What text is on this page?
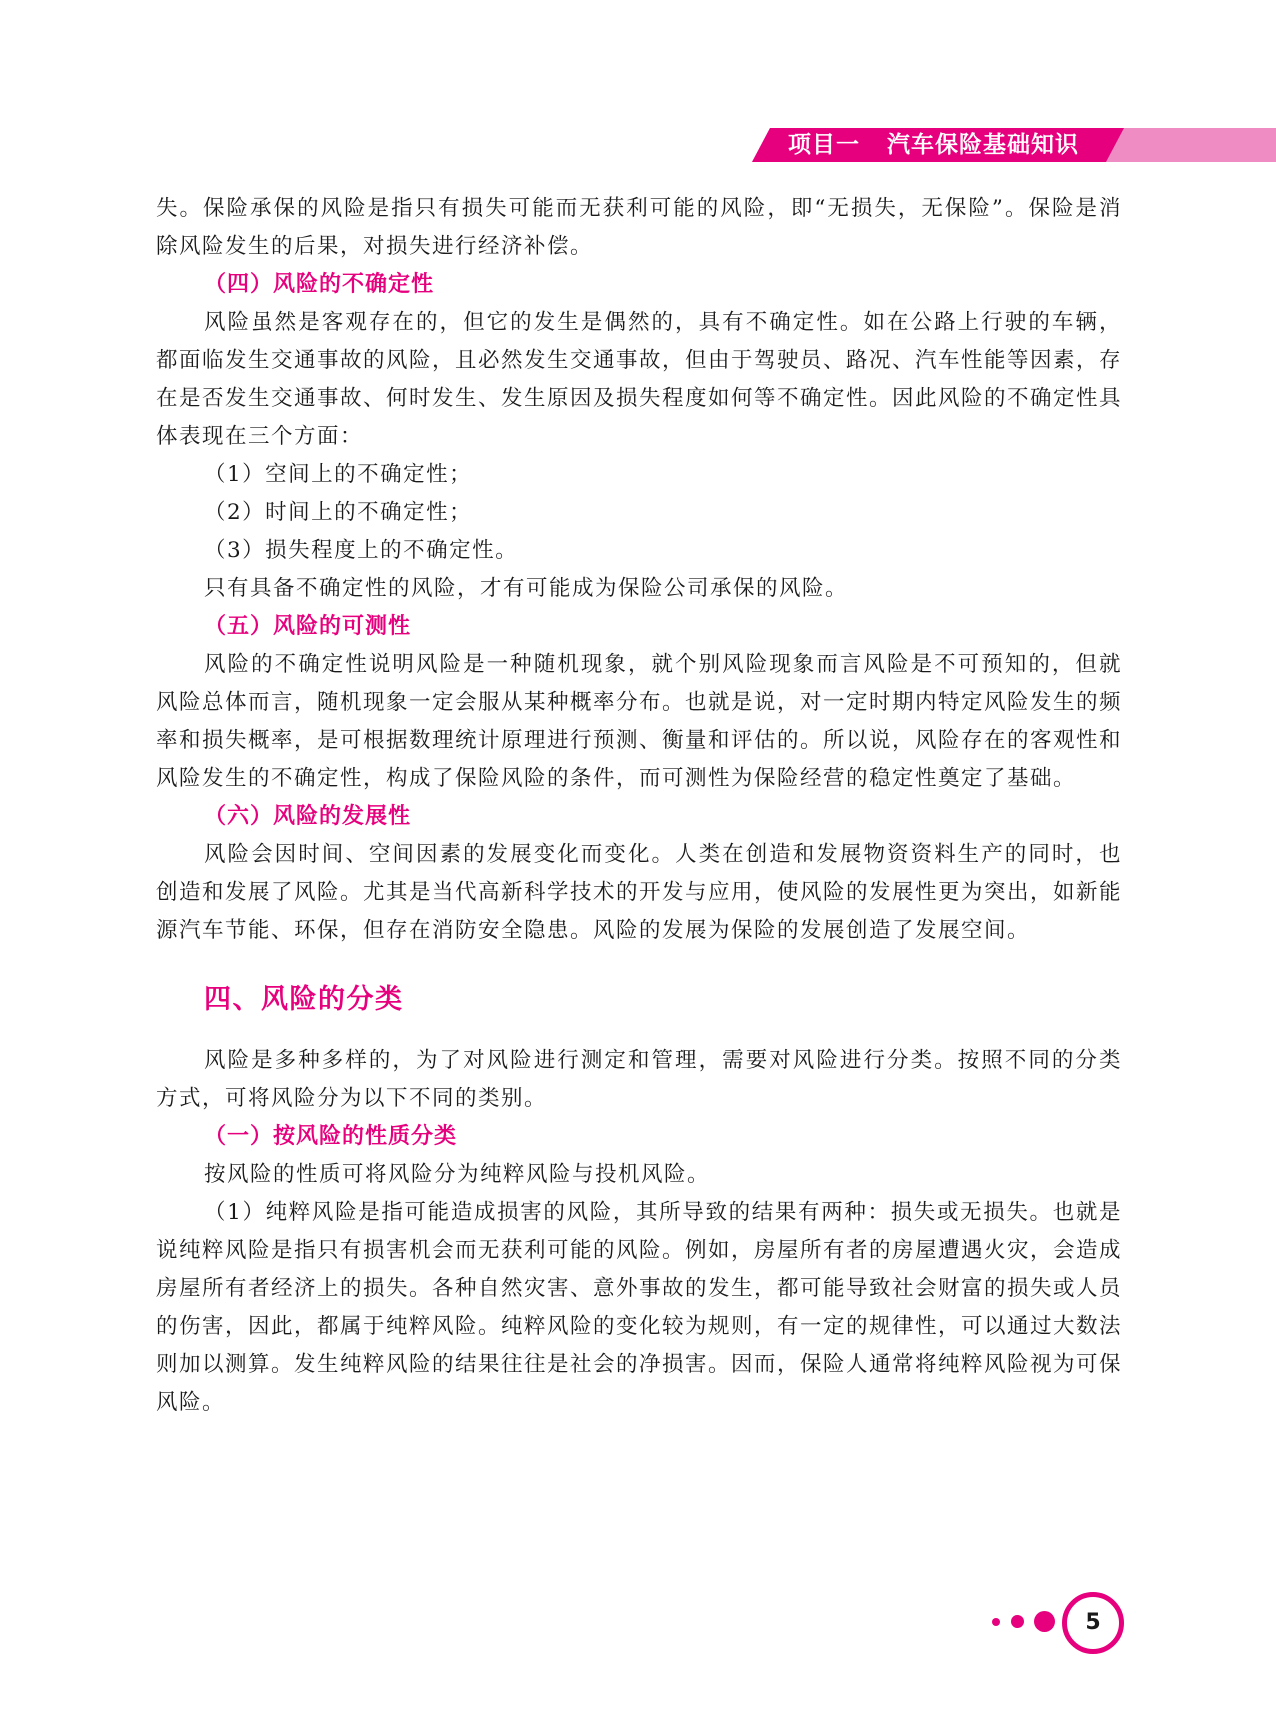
项目一   汽车保险基础知识

失。保险承保的风险是指只有损失可能而无获利可能的风险，即“无损失，无保险”。保险是消除风险发生的后果，对损失进行经济补偿。

（四）风险的不确定性

风险虽然是客观存在的，但它的发生是偶然的，具有不确定性。如在公路上行驶的车辆，都面临发生交通事故的风险，且必然发生交通事故，但由于驾驶员、路况、汽车性能等因素，存在是否发生交通事故、何时发生、发生原因及损失程度如何等不确定性。因此风险的不确定性具体表现在三个方面：

（1）空间上的不确定性；

（2）时间上的不确定性；

（3）损失程度上的不确定性。

只有具备不确定性的风险，才有可能成为保险公司承保的风险。

（五）风险的可测性

风险的不确定性说明风险是一种随机现象，就个别风险现象而言风险是不可预知的，但就风险总体而言，随机现象一定会服从某种概率分布。也就是说，对一定时期内特定风险发生的频率和损失概率，是可根据数理统计原理进行预测、衡量和评估的。所以说，风险存在的客观性和风险发生的不确定性，构成了保险风险的条件，而可测性为保险经营的稳定性奠定了基础。

（六）风险的发展性

风险会因时间、空间因素的发展变化而变化。人类在创造和发展物资资料生产的同时，也创造和发展了风险。尤其是当代高新科学技术的开发与应用，使风险的发展性更为突出，如新能源汽车节能、环保，但存在消防安全隐患。风险的发展为保险的发展创造了发展空间。

四、风险的分类

风险是多种多样的，为了对风险进行测定和管理，需要对风险进行分类。按照不同的分类方式，可将风险分为以下不同的类别。

（一）按风险的性质分类

按风险的性质可将风险分为纯粹风险与投机风险。

（1）纯粹风险是指可能造成损害的风险，其所导致的结果有两种：损失或无损失。也就是说纯粹风险是指只有损害机会而无获利可能的风险。例如，房屋所有者的房屋遭遇火灾，会造成房屋所有者经济上的损失。各种自然灾害、意外事故的发生，都可能导致社会财富的损失或人员的伤害，因此，都属于纯粹风险。纯粹风险的变化较为规则，有一定的规律性，可以通过大数法则加以测算。发生纯粹风险的结果往往是社会的净损害。因而，保险人通常将纯粹风险视为可保风险。

5
